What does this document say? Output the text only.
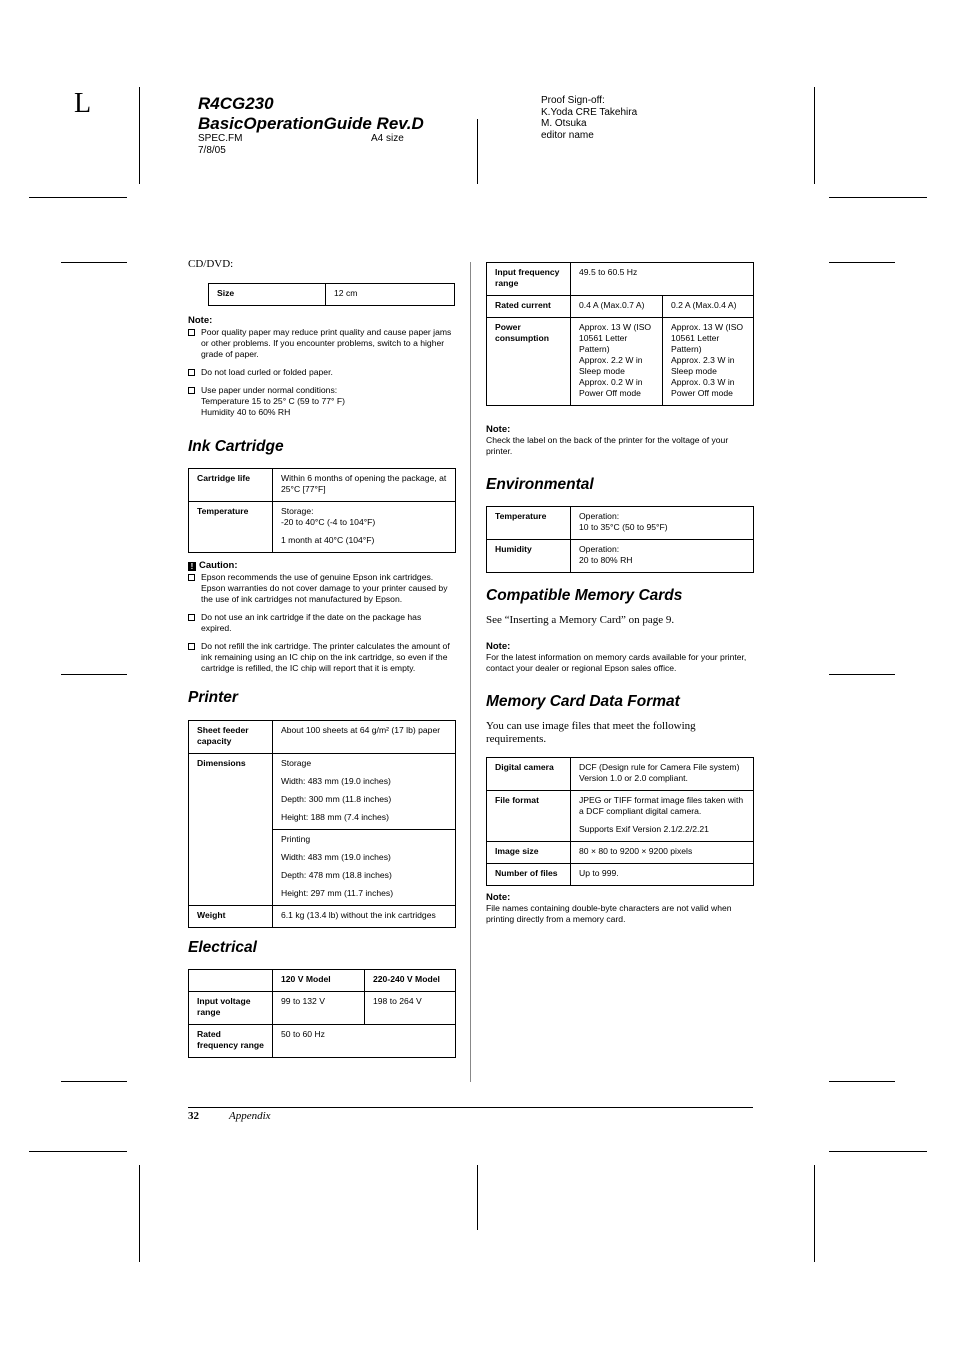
L	R4CG230
BasicOperationGuide Rev.D
SPEC.FM	A4 size
7/8/05
Proof Sign-off:
K.Yoda CRE Takehira
M. Otsuka
editor name
CD/DVD:
Size	12 cm
Note:
Poor quality paper may reduce print quality and cause paper jams or other problems. If you encounter problems, switch to a higher grade of paper.
Do not load curled or folded paper.
Use paper under normal conditions:
Temperature 15 to 25° C (59 to 77° F)
Humidity 40 to 60% RH
Ink Cartridge
Cartridge life	Within 6 months of opening the package, at 25°C [77°F]
Temperature	Storage:
-20 to 40°C (-4 to 104°F)

1 month at 40°C (104°F)

! Caution:
Epson recommends the use of genuine Epson ink cartridges. Epson warranties do not cover damage to your printer caused by the use of ink cartridges not manufactured by Epson.
Do not use an ink cartridge if the date on the package has expired.
Do not refill the ink cartridge. The printer calculates the amount of ink remaining using an IC chip on the ink cartridge, so even if the cartridge is refilled, the IC chip will report that it is empty.
Printer
Sheet feeder capacity	About 100 sheets at 64 g/m² (17 lb) paper
Dimensions	Storage

Width: 483 mm (19.0 inches)

Depth: 300 mm (11.8 inches)

Height: 188 mm (7.4 inches)

	Printing

Width: 483 mm (19.0 inches)

Depth: 478 mm (18.8 inches)

Height: 297 mm (11.7 inches)

Weight	6.1 kg (13.4 lb) without the ink cartridges
Electrical
	120 V Model	220-240 V Model
Input voltage range	99 to 132 V	198 to 264 V
Rated frequency range	50 to 60 Hz	
Input frequency range	49.5 to 60.5 Hz	
Rated current	0.4 A (Max.0.7 A)	0.2 A (Max.0.4 A)
Power consumption	Approx. 13 W (ISO 10561 Letter Pattern)
Approx. 2.2 W in Sleep mode
Approx. 0.2 W in Power Off mode	Approx. 13 W (ISO 10561 Letter Pattern)
Approx. 2.3 W in Sleep mode
Approx. 0.3 W in Power Off mode
Note:
Check the label on the back of the printer for the voltage of your printer.
Environmental
Temperature	Operation:
10 to 35°C (50 to 95°F)
Humidity	Operation:
20 to 80% RH
Compatible Memory Cards
See “Inserting a Memory Card” on page 9.
Note:
For the latest information on memory cards available for your printer, contact your dealer or regional Epson sales office.
Memory Card Data Format
You can use image files that meet the following requirements.
Digital camera	DCF (Design rule for Camera File system) Version 1.0 or 2.0 compliant.
File format	JPEG or TIFF format image files taken with a DCF compliant digital camera.

Supports Exif Version 2.1/2.2/2.21

Image size	80 × 80 to 9200 × 9200 pixels
Number of files	Up to 999.
Note:
File names containing double-byte characters are not valid when printing directly from a memory card.
32	Appendix
